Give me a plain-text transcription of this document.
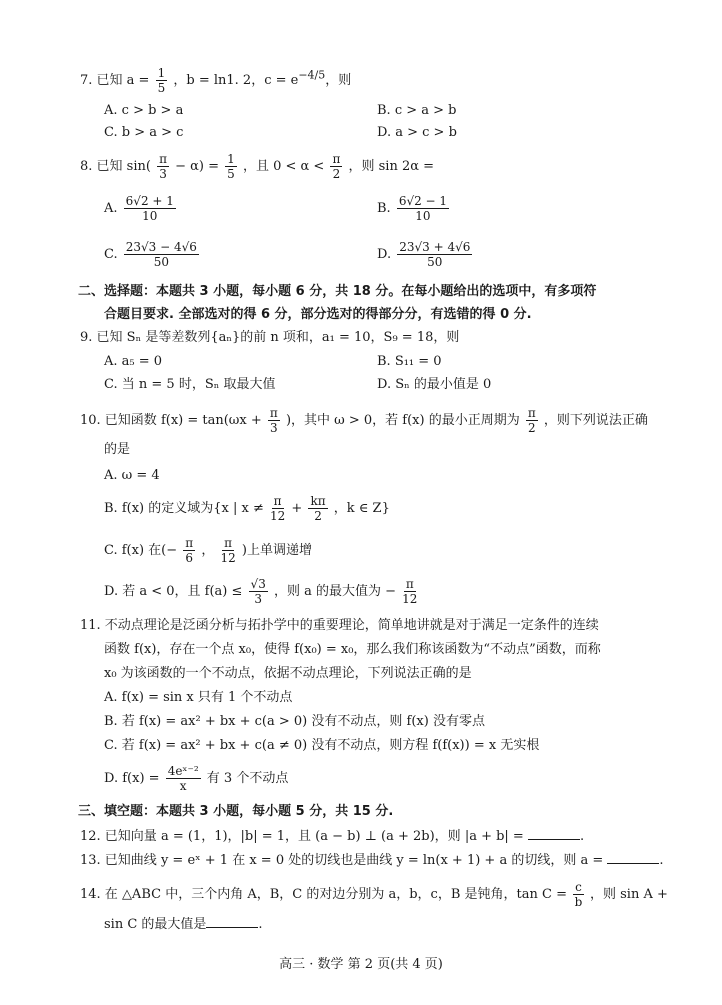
7. 已知 $a = \frac{1}{5}$ ，b = ln1. 2，$c = e^{-4/5}$，则
A. c > b > a	B. c > a > b
C. b > a > c	D. a > c > b
8. 已知 $\sin( \frac{\pi}{3} - \alpha) = \frac{1}{5}$ ，且 $0 < \alpha < \frac{\pi}{2}$ ，则 sin 2α =
A. $\frac{6√2 + 1}{10}$	B. $\frac{6√2 - 1}{10}$
C. $\frac{23√3 - 4√6}{50}$	D. $\frac{23√3 + 4√6}{50}$
二、选择题：本题共 3 小题，每小题 6 分，共 18 分。在每小题给出的选项中，有多项符
合题目要求. 全部选对的得 6 分，部分选对的得部分分，有选错的得 0 分.
9. 已知 Sₙ 是等差数列{aₙ}的前 n 项和，a₁ = 10，S₉ = 18，则
A. a₅ = 0	B. S₁₁ = 0
C. 当 n = 5 时，Sₙ 取最大值	D. Sₙ 的最小值是 0
10. 已知函数 $f(x) = \tan(\omega x + \frac{\pi}{3}$ )，其中 ω > 0，若 f(x) 的最小正周期为 $\frac{\pi}{2}$ ，则下列说法正确
的是
A. ω = 4
B. f(x) 的定义域为{x | $x \ne \frac{\pi}{12} + \frac{k\pi}{2}$ ，k ∈ Z}
C. f(x) 在(− $\frac{\pi}{6}$ ， $\frac{\pi}{12}$ )上单调递增
D. 若 a < 0，且 $f(a) \le \frac{√3}{3}$ ，则 a 的最大值为 − $\frac{\pi}{12}$
11. 不动点理论是泛函分析与拓扑学中的重要理论，简单地讲就是对于满足一定条件的连续
函数 f(x)，存在一个点 x₀，使得 f(x₀) = x₀，那么我们称该函数为“不动点”函数，而称
x₀ 为该函数的一个不动点，依据不动点理论，下列说法正确的是
A. f(x) = sin x 只有 1 个不动点
B. 若 f(x) = ax² + bx + c(a > 0) 没有不动点，则 f(x) 没有零点
C. 若 f(x) = ax² + bx + c(a ≠ 0) 没有不动点，则方程 f(f(x)) = x 无实根
D. $f(x) = \frac{\text{4eˣ⁻²}}{x}$ 有 3 个不动点
三、填空题：本题共 3 小题，每小题 5 分，共 15 分.
12. 已知向量 a = (1，1)，|b| = 1，且 (a − b) ⊥ (a + 2b)，则 |a + b| =	.
13. 已知曲线 y = eˣ + 1 在 x = 0 处的切线也是曲线 y = ln(x + 1) + a 的切线，则 a =	.
14. 在 △ABC 中，三个内角 A，B，C 的对边分别为 a，b，c，B 是钝角，$\tan C = \frac{c}{b}$ ，则 sin A +
sin C 的最大值是	.
高三 · 数学 第 2 页(共 4 页)
